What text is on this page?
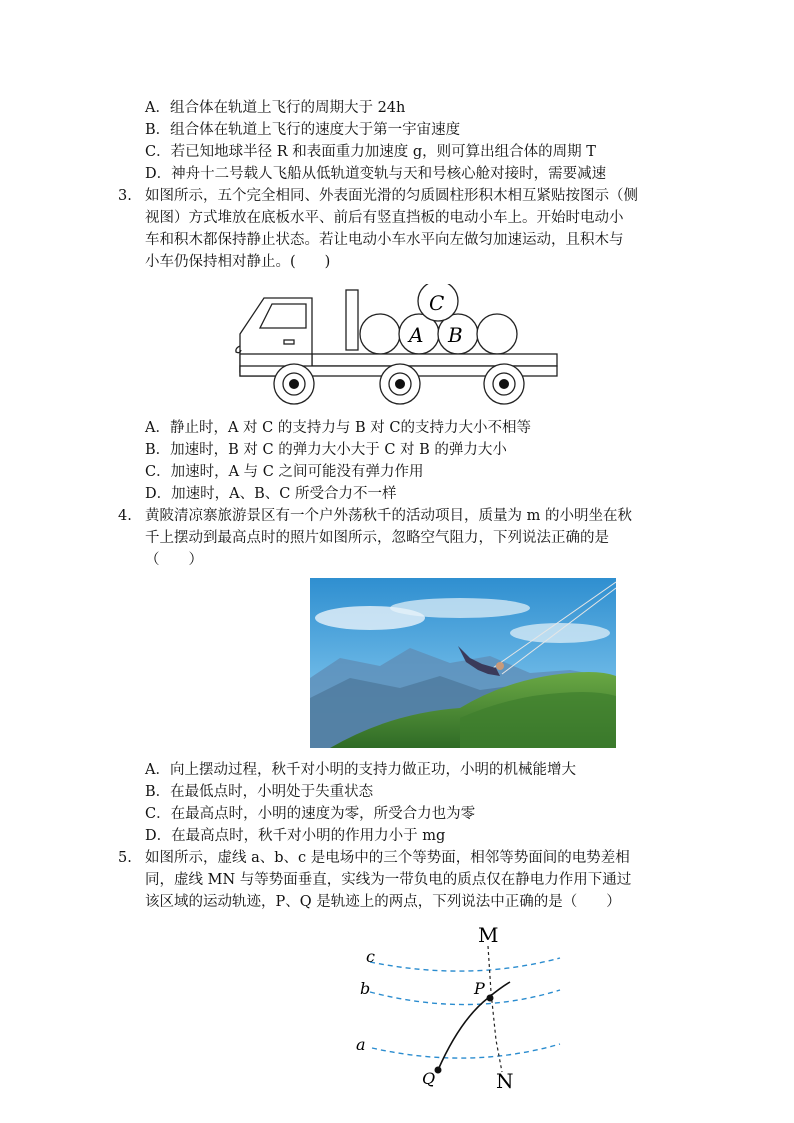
A．组合体在轨道上飞行的周期大于 24h
B．组合体在轨道上飞行的速度大于第一宇宙速度
C．若已知地球半径 R 和表面重力加速度 g，则可算出组合体的周期 T
D．神舟十二号载人飞船从低轨道变轨与天和号核心舱对接时，需要减速
3. 如图所示，五个完全相同、外表面光滑的匀质圆柱形积木相互紧贴按图示（侧
视图）方式堆放在底板水平、前后有竖直挡板的电动小车上。开始时电动小
车和积木都保持静止状态。若让电动小车水平向左做匀加速运动，且积木与
小车仍保持相对静止。(　　)
C
A B
A．静止时，A 对 C 的支持力与 B 对 C的支持力大小不相等
B．加速时，B 对 C 的弹力大小大于 C 对 B 的弹力大小
C．加速时，A 与 C 之间可能没有弹力作用
D．加速时，A、B、C 所受合力不一样
4. 黄陂清凉寨旅游景区有一个户外荡秋千的活动项目，质量为 m 的小明坐在秋
千上摆动到最高点时的照片如图所示，忽略空气阻力，下列说法正确的是
（　　）
A．向上摆动过程，秋千对小明的支持力做正功，小明的机械能增大
B．在最低点时，小明处于失重状态
C．在最高点时，小明的速度为零，所受合力也为零
D．在最高点时，秋千对小明的作用力小于 mg
5. 如图所示，虚线 a、b、c 是电场中的三个等势面，相邻等势面间的电势差相
同，虚线 MN 与等势面垂直，实线为一带负电的质点仅在静电力作用下通过
该区域的运动轨迹，P、Q 是轨迹上的两点，下列说法中正确的是（　　）
M
N
c
b
a
P
Q
